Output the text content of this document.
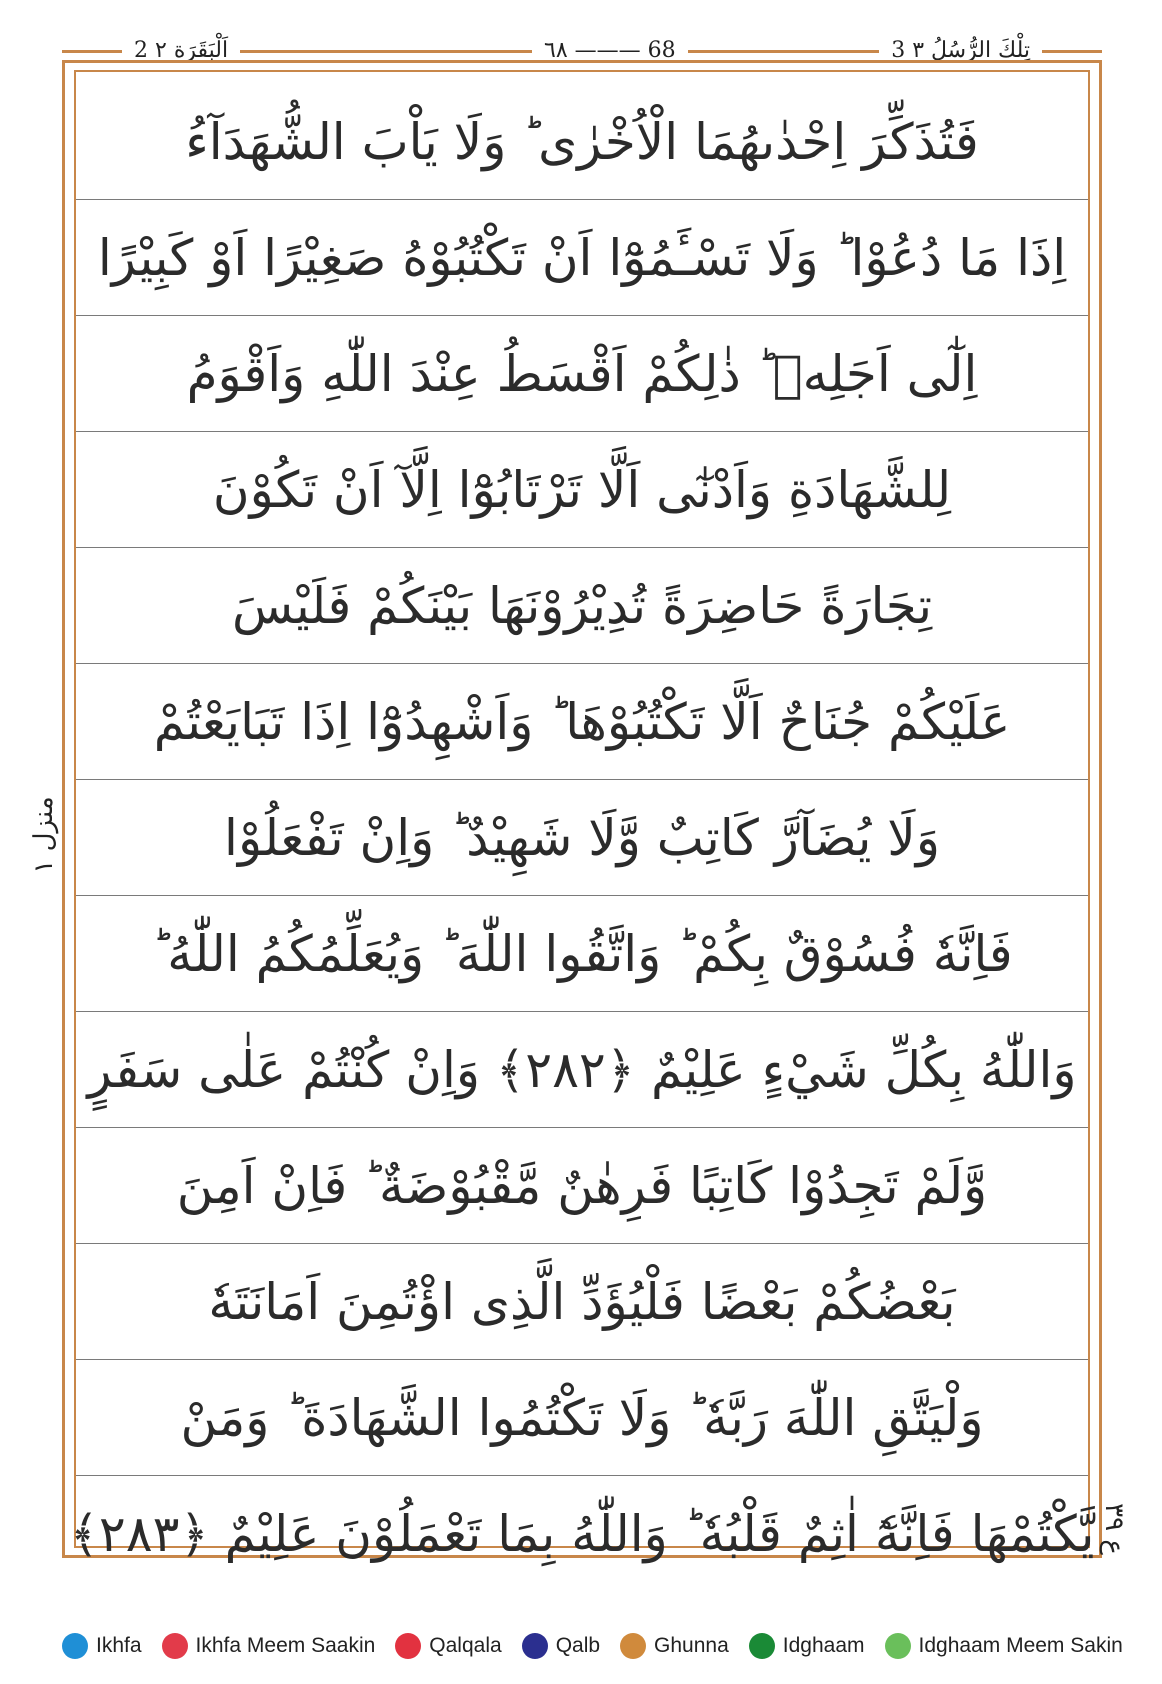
2 اَلْبَقَرَة ٢	٦٨ ——— 68	3 تِلْكَ الرُّسُلُ ٣
فَتُذَكِّرَ اِحْدٰىهُمَا الْاُخْرٰى ؕ وَلَا يَاْبَ الشُّهَدَآءُ
اِذَا مَا دُعُوْا ؕ وَلَا تَسْـَٔمُوْٓا اَنْ تَكْتُبُوْهُ صَغِيْرًا اَوْ كَبِيْرًا
اِلٰٓى اَجَلِهٖ ؕ ذٰلِكُمْ اَقْسَطُ عِنْدَ اللّٰهِ وَاَقْوَمُ
لِلشَّهَادَةِ وَاَدْنٰٓى اَلَّا تَرْتَابُوْٓا اِلَّآ اَنْ تَكُوْنَ
تِجَارَةً حَاضِرَةً تُدِيْرُوْنَهَا بَيْنَكُمْ فَلَيْسَ
عَلَيْكُمْ جُنَاحٌ اَلَّا تَكْتُبُوْهَا ؕ وَاَشْهِدُوْٓا اِذَا تَبَايَعْتُمْ
وَلَا يُضَآرَّ كَاتِبٌ وَّلَا شَهِيْدٌ ؕ وَاِنْ تَفْعَلُوْا
فَاِنَّهٗ فُسُوْقٌ بِكُمْ ؕ وَاتَّقُوا اللّٰهَ ؕ وَيُعَلِّمُكُمُ اللّٰهُ ؕ
وَاللّٰهُ بِكُلِّ شَيْءٍ عَلِيْمٌ ﴿٢٨٢﴾ وَاِنْ كُنْتُمْ عَلٰى سَفَرٍ
وَّلَمْ تَجِدُوْا كَاتِبًا فَرِهٰنٌ مَّقْبُوْضَةٌ ؕ فَاِنْ اَمِنَ
بَعْضُكُمْ بَعْضًا فَلْيُؤَدِّ الَّذِى اؤْتُمِنَ اَمَانَتَهٗ
وَلْيَتَّقِ اللّٰهَ رَبَّهٗ ؕ وَلَا تَكْتُمُوا الشَّهَادَةَ ؕ وَمَنْ
يَّكْتُمْهَا فَاِنَّهٗٓ اٰثِمٌ قَلْبُهٗ ؕ وَاللّٰهُ بِمَا تَعْمَلُوْنَ عَلِيْمٌ ﴿٢٨٣﴾
منزل ١
ع ٣٩
Ikhfa	Ikhfa Meem Saakin	Qalqala	Qalb	Ghunna	Idghaam	Idghaam Meem Sakin
